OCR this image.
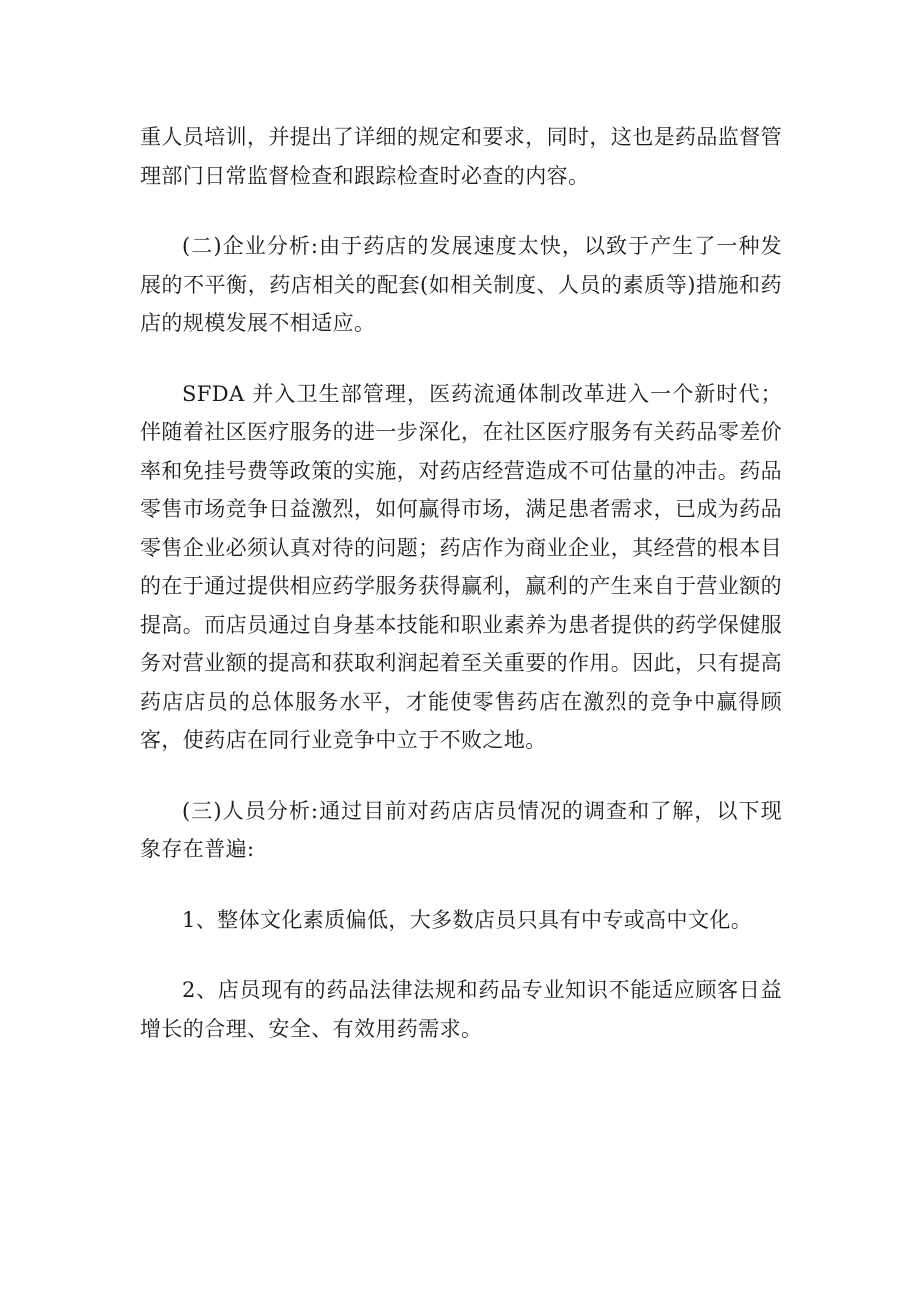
重人员培训，并提出了详细的规定和要求，同时，这也是药品监督管理部门日常监督检查和跟踪检查时必查的内容。

(二)企业分析:由于药店的发展速度太快，以致于产生了一种发展的不平衡，药店相关的配套(如相关制度、人员的素质等)措施和药店的规模发展不相适应。

SFDA 并入卫生部管理，医药流通体制改革进入一个新时代；伴随着社区医疗服务的进一步深化，在社区医疗服务有关药品零差价率和免挂号费等政策的实施，对药店经营造成不可估量的冲击。药品零售市场竞争日益激烈，如何赢得市场，满足患者需求，已成为药品零售企业必须认真对待的问题；药店作为商业企业，其经营的根本目的在于通过提供相应药学服务获得赢利，赢利的产生来自于营业额的提高。而店员通过自身基本技能和职业素养为患者提供的药学保健服务对营业额的提高和获取利润起着至关重要的作用。因此，只有提高药店店员的总体服务水平，才能使零售药店在激烈的竞争中赢得顾客，使药店在同行业竞争中立于不败之地。

(三)人员分析:通过目前对药店店员情况的调查和了解，以下现象存在普遍:

1、整体文化素质偏低，大多数店员只具有中专或高中文化。

2、店员现有的药品法律法规和药品专业知识不能适应顾客日益增长的合理、安全、有效用药需求。
